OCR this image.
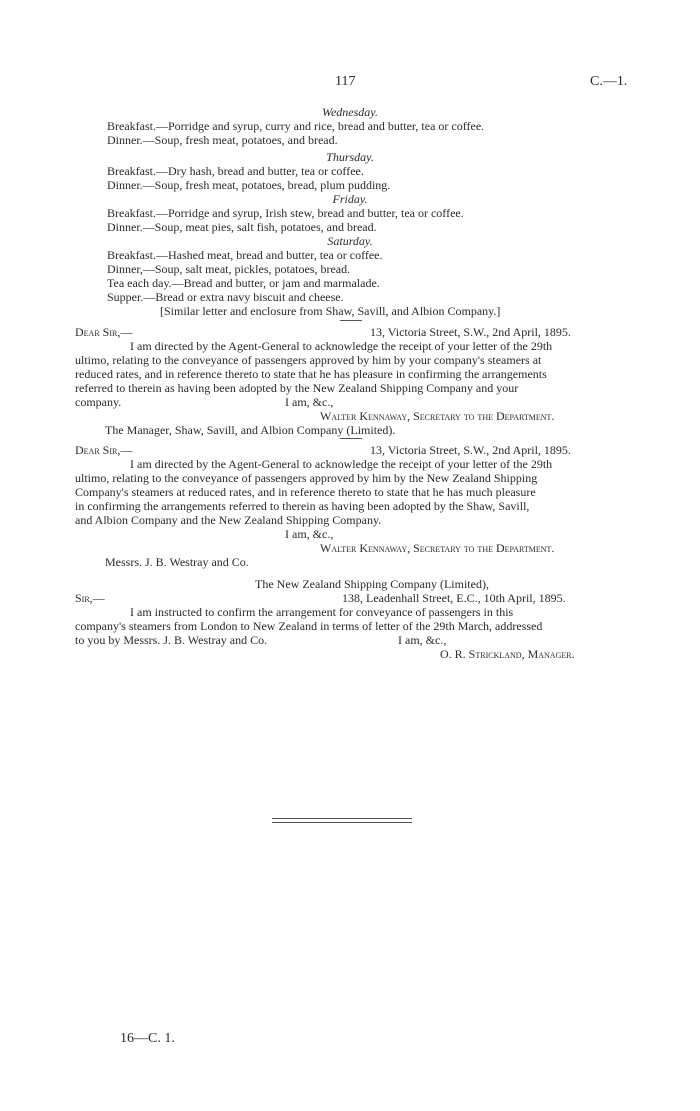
117	C.—1.
Wednesday.
Breakfast.—Porridge and syrup, curry and rice, bread and butter, tea or coffee.
Dinner.—Soup, fresh meat, potatoes, and bread.
Thursday.
Breakfast.—Dry hash, bread and butter, tea or coffee.
Dinner.—Soup, fresh meat, potatoes, bread, plum pudding.
Friday.
Breakfast.—Porridge and syrup, Irish stew, bread and butter, tea or coffee.
Dinner.—Soup, meat pies, salt fish, potatoes, and bread.
Saturday.
Breakfast.—Hashed meat, bread and butter, tea or coffee.
Dinner,—Soup, salt meat, pickles, potatoes, bread.
Tea each day.—Bread and butter, or jam and marmalade.
Supper.—Bread or extra navy biscuit and cheese.
[Similar letter and enclosure from Shaw, Savill, and Albion Company.]
Dear Sir,—	13, Victoria Street, S.W., 2nd April, 1895.
I am directed by the Agent-General to acknowledge the receipt of your letter of the 29th
ultimo, relating to the conveyance of passengers approved by him by your company's steamers at
reduced rates, and in reference thereto to state that he has pleasure in confirming the arrangements
referred to therein as having been adopted by the New Zealand Shipping Company and your
company.	I am, &c.,
Walter Kennaway, Secretary to the Department.
The Manager, Shaw, Savill, and Albion Company (Limited).
Dear Sir,—	13, Victoria Street, S.W., 2nd April, 1895.
I am directed by the Agent-General to acknowledge the receipt of your letter of the 29th
ultimo, relating to the conveyance of passengers approved by him by the New Zealand Shipping
Company's steamers at reduced rates, and in reference thereto to state that he has much pleasure
in confirming the arrangements referred to therein as having been adopted by the Shaw, Savill,
and Albion Company and the New Zealand Shipping Company.
I am, &c.,
Walter Kennaway, Secretary to the Department.
Messrs. J. B. Westray and Co.
The New Zealand Shipping Company (Limited),
Sir,—	138, Leadenhall Street, E.C., 10th April, 1895.
I am instructed to confirm the arrangement for conveyance of passengers in this
company's steamers from London to New Zealand in terms of letter of the 29th March, addressed
to you by Messrs. J. B. Westray and Co.	I am, &c.,
O. R. Strickland, Manager.
16—C. 1.
